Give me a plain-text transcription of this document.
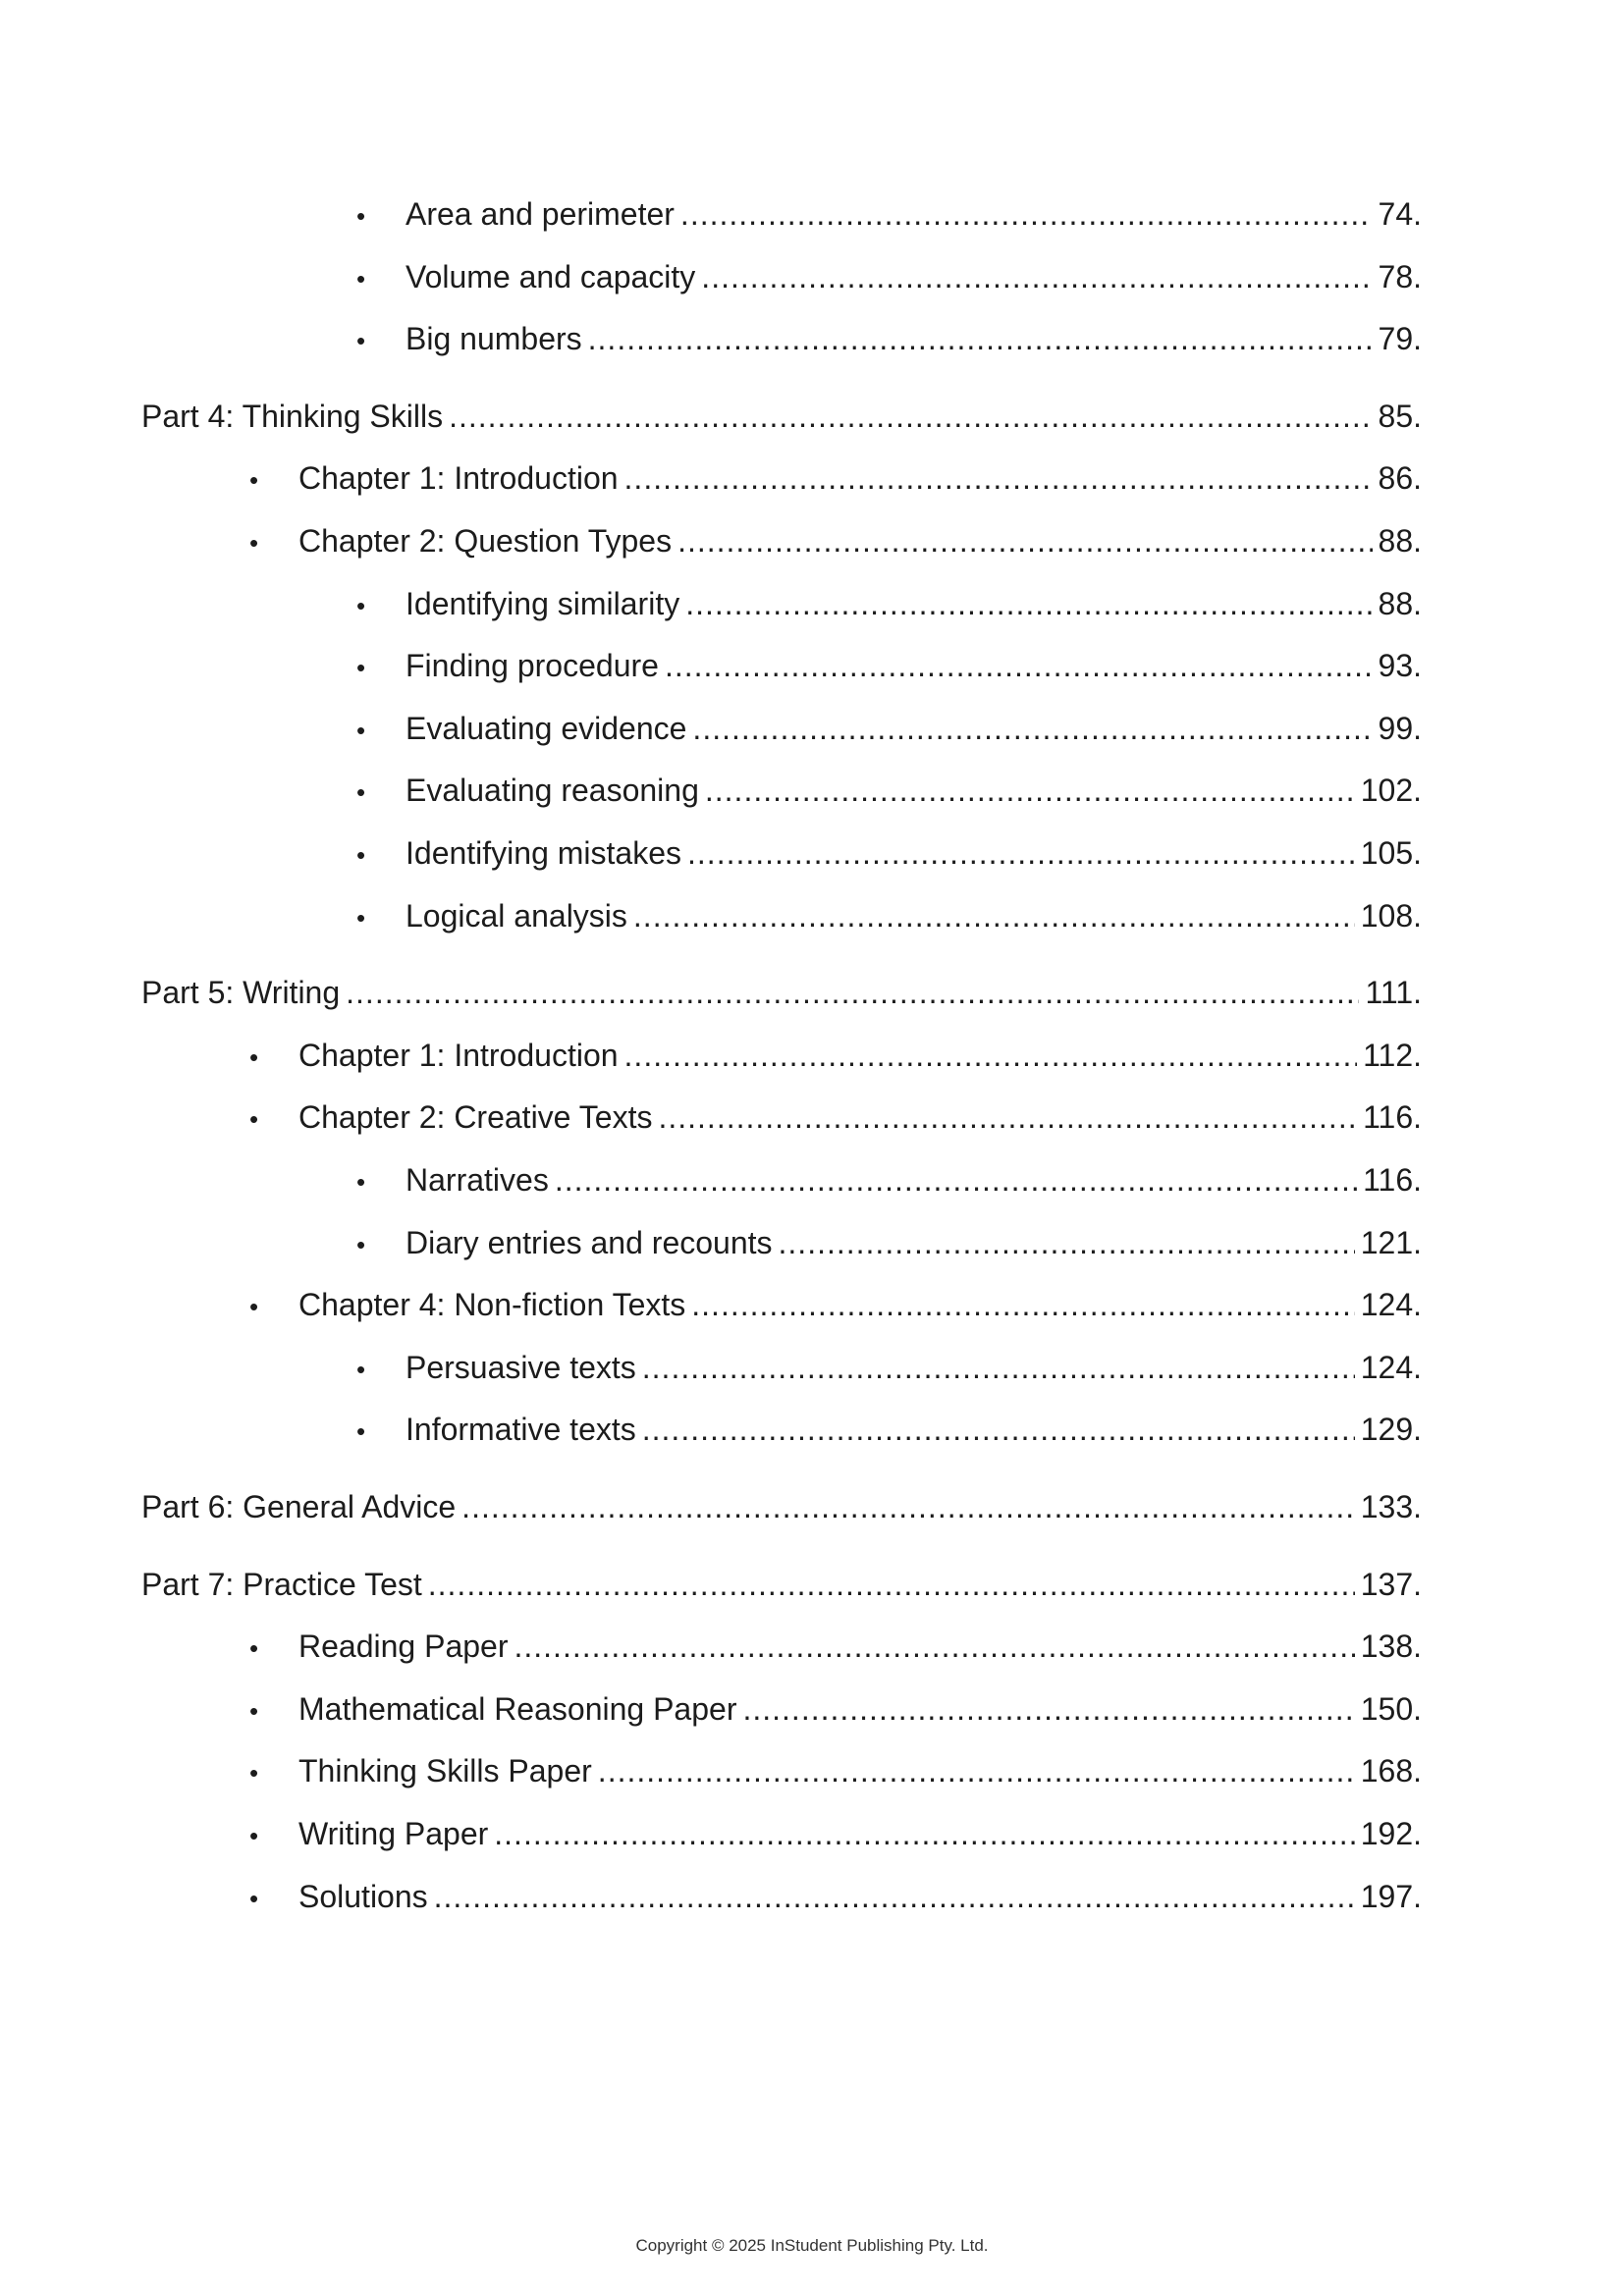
•	Area and perimeter .....	74.
•	Volume and capacity .....	78.
•	Big numbers .....	79.
Part 4: Thinking Skills .....	85.
•	Chapter 1: Introduction .....	86.
•	Chapter 2: Question Types .....	88.
•	Identifying similarity .....	88.
•	Finding procedure .....	93.
•	Evaluating evidence .....	99.
•	Evaluating reasoning .....	102.
•	Identifying mistakes .....	105.
•	Logical analysis .....	108.
Part 5: Writing .....	111.
•	Chapter 1: Introduction .....	112.
•	Chapter 2: Creative Texts .....	116.
•	Narratives .....	116.
•	Diary entries and recounts .....	121.
•	Chapter 4: Non-fiction Texts .....	124.
•	Persuasive texts .....	124.
•	Informative texts .....	129.
Part 6: General Advice .....	133.
Part 7: Practice Test .....	137.
•	Reading Paper .....	138.
•	Mathematical Reasoning Paper .....	150.
•	Thinking Skills Paper .....	168.
•	Writing Paper .....	192.
•	Solutions .....	197.
Copyright © 2025 InStudent Publishing Pty. Ltd.
